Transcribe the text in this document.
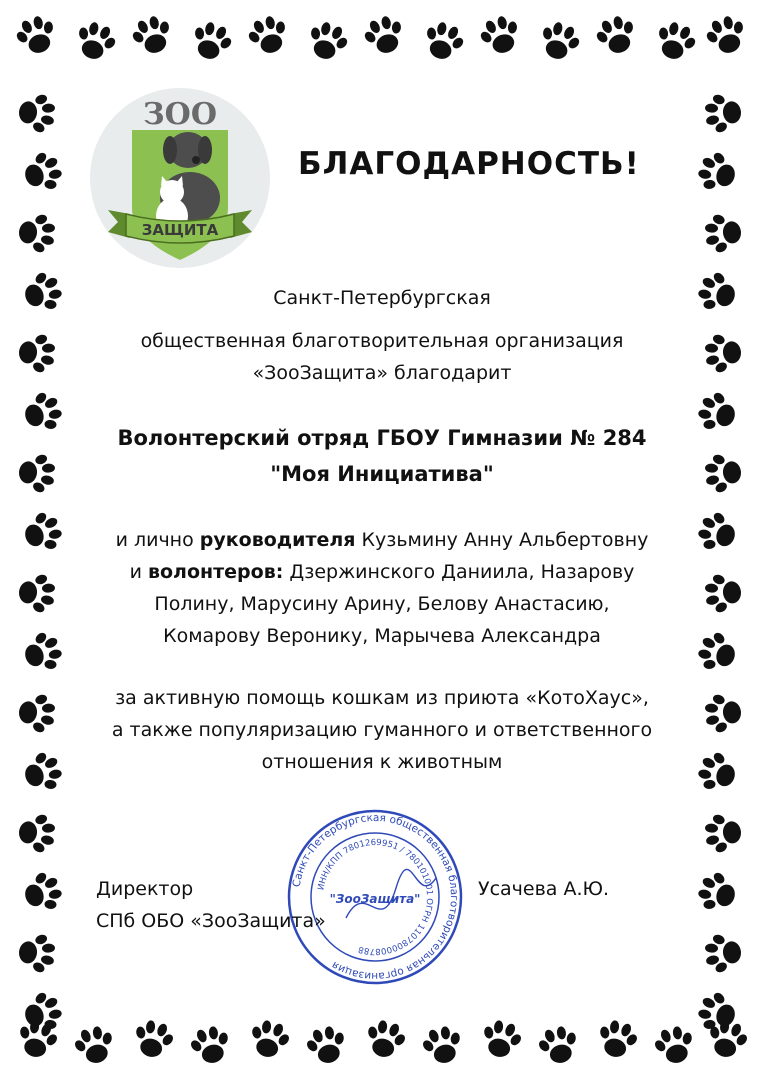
ЗОО
ЗАЩИТА
БЛАГОДАРНОСТЬ!
Санкт-Петербургская
общественная благотворительная организация
«ЗооЗащита» благодарит
Волонтерский отряд ГБОУ Гимназии № 284
"Моя Инициатива"
и лично руководителя Кузьмину Анну Альбертовну
и волонтеров: Дзержинского Даниила, Назарову
Полину, Марусину Арину, Белову Анастасию,
Комарову Веронику, Марычева Александра
за активную помощь кошкам из приюта «КотоХаус»,
а также популяризацию гуманного и ответственного
отношения к животным
Санкт-Петербургская общественная благотворительная организация
ИНН/КПП 7801269951 / 780101001 ОГРН 1107800008788
"ЗооЗащита"
Директор
СПб ОБО «ЗооЗащита»
Усачева А.Ю.
